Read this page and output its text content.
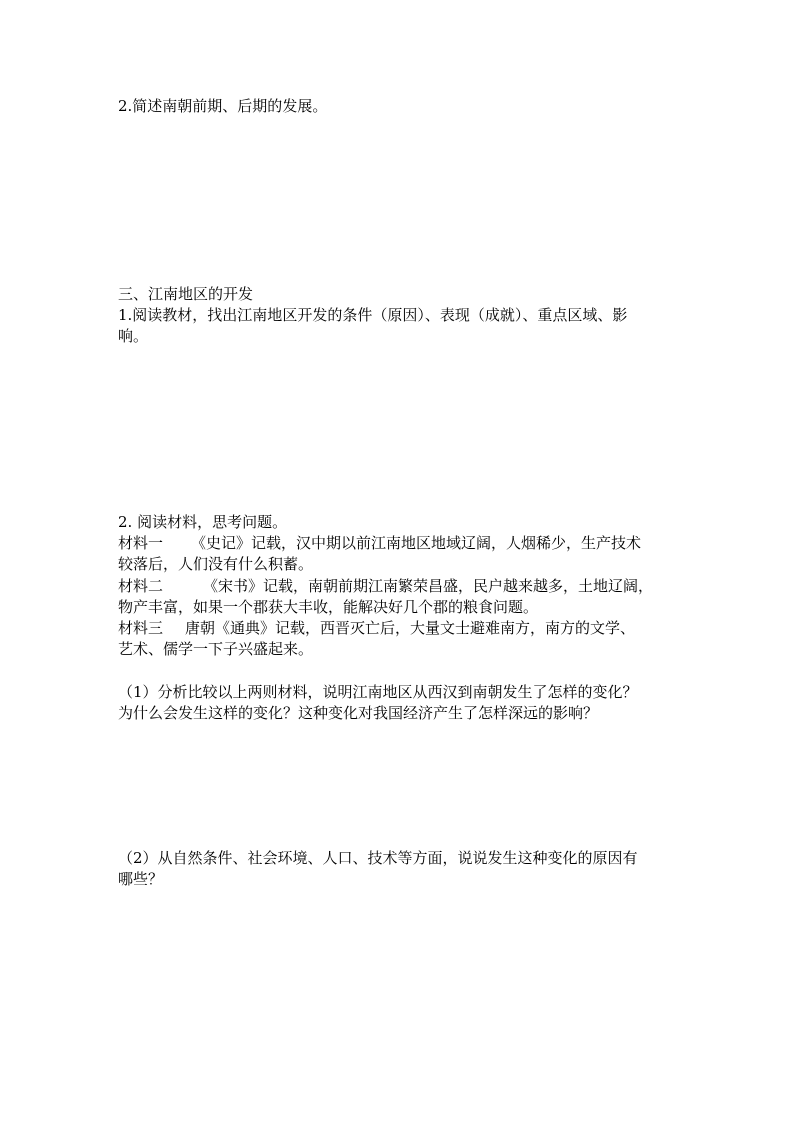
2.简述南朝前期、后期的发展。
三、江南地区的开发
1.阅读教材，找出江南地区开发的条件（原因）、表现（成就）、重点区域、影
响。
2. 阅读材料，思考问题。
材料一 《史记》记载，汉中期以前江南地区地域辽阔，人烟稀少，生产技术
较落后，人们没有什么积蓄。
材料二	《宋书》记载，南朝前期江南繁荣昌盛，民户越来越多，土地辽阔，
物产丰富，如果一个郡获大丰收，能解决好几个郡的粮食问题。
材料三 唐朝《通典》记载，西晋灭亡后，大量文士避难南方，南方的文学、
艺术、儒学一下子兴盛起来。
（1）分析比较以上两则材料，说明江南地区从西汉到南朝发生了怎样的变化？
为什么会发生这样的变化？这种变化对我国经济产生了怎样深远的影响？
（2）从自然条件、社会环境、人口、技术等方面，说说发生这种变化的原因有
哪些？
